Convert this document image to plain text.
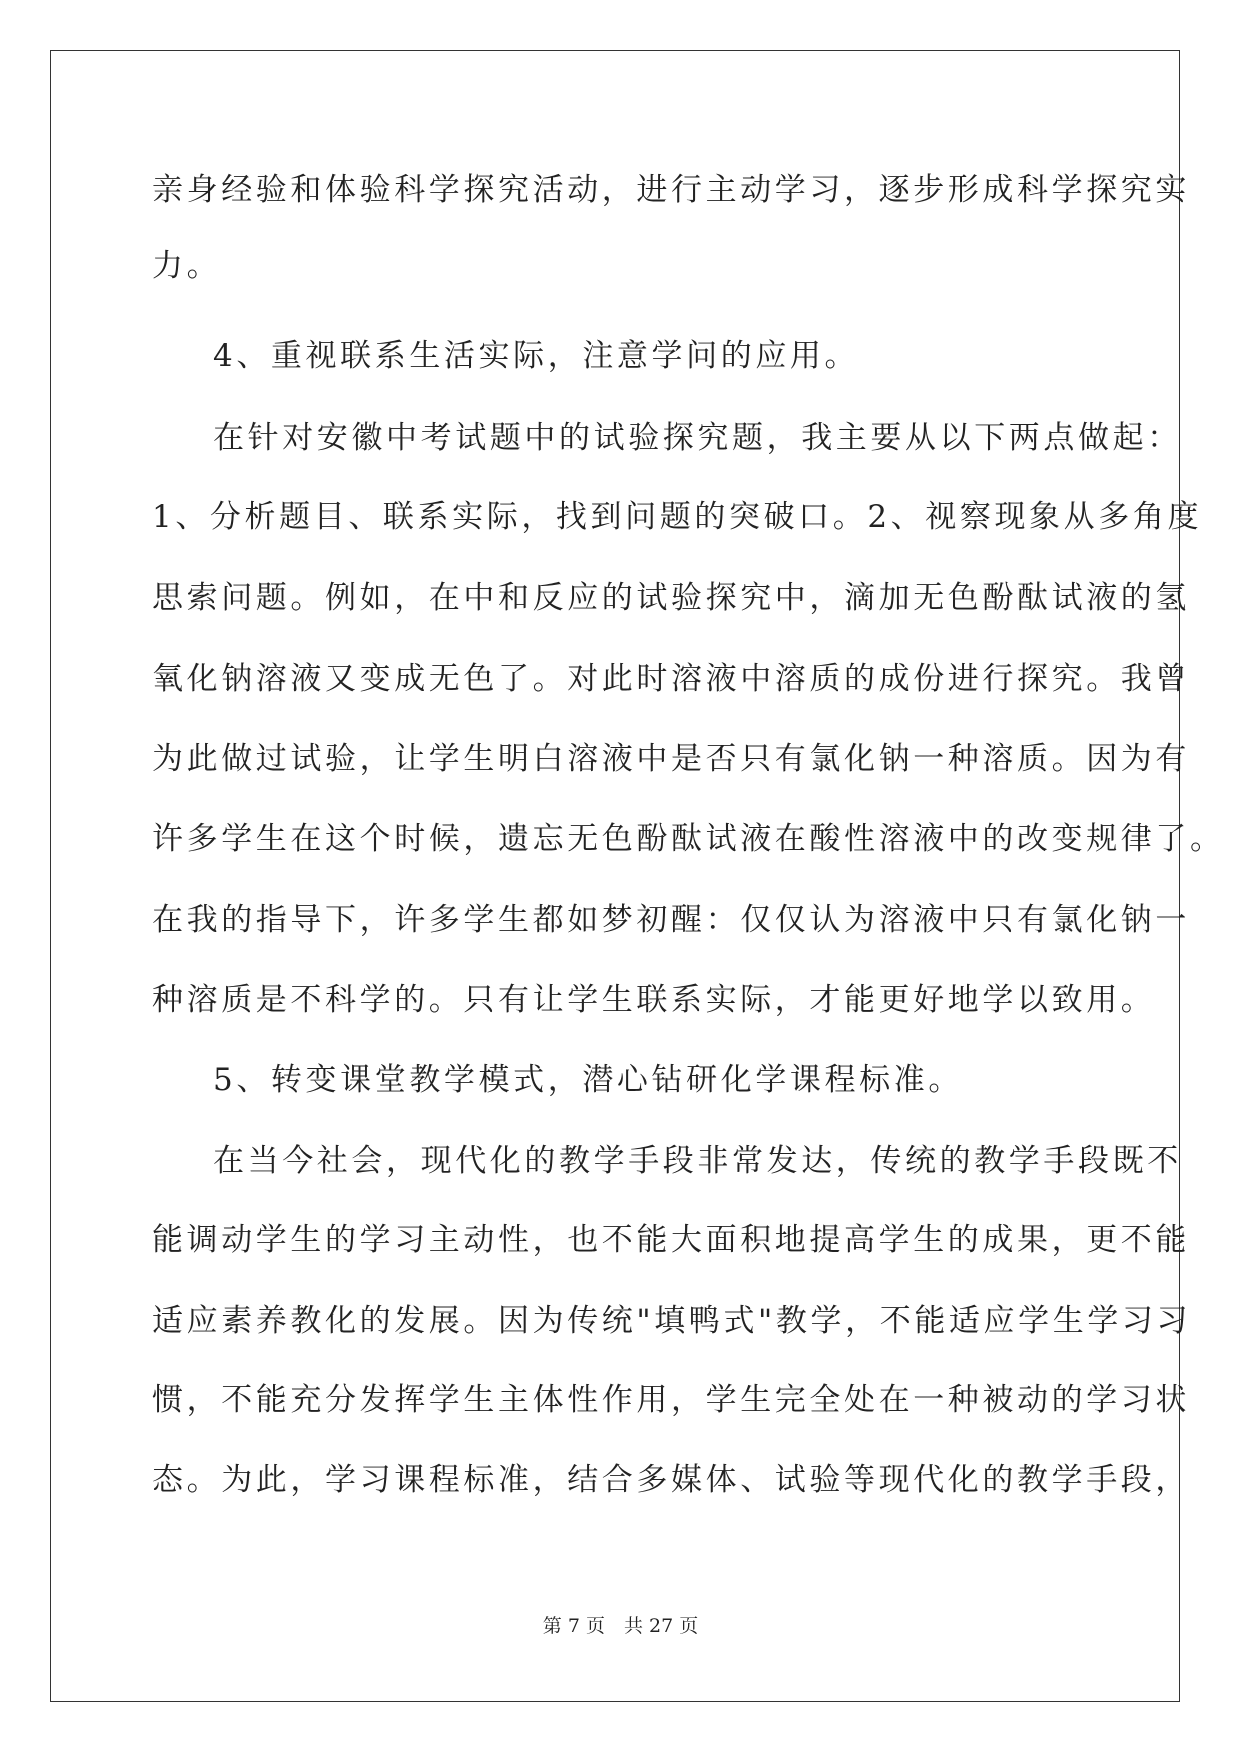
亲身经验和体验科学探究活动，进行主动学习，逐步形成科学探究实
力。
4、重视联系生活实际，注意学问的应用。
在针对安徽中考试题中的试验探究题，我主要从以下两点做起：
1、分析题目、联系实际，找到问题的突破口。2、视察现象从多角度
思索问题。例如，在中和反应的试验探究中，滴加无色酚酞试液的氢
氧化钠溶液又变成无色了。对此时溶液中溶质的成份进行探究。我曾
为此做过试验，让学生明白溶液中是否只有氯化钠一种溶质。因为有
许多学生在这个时候，遗忘无色酚酞试液在酸性溶液中的改变规律了。
在我的指导下，许多学生都如梦初醒：仅仅认为溶液中只有氯化钠一
种溶质是不科学的。只有让学生联系实际，才能更好地学以致用。
5、转变课堂教学模式，潜心钻研化学课程标准。
在当今社会，现代化的教学手段非常发达，传统的教学手段既不
能调动学生的学习主动性，也不能大面积地提高学生的成果，更不能
适应素养教化的发展。因为传统"填鸭式"教学，不能适应学生学习习
惯，不能充分发挥学生主体性作用，学生完全处在一种被动的学习状
态。为此，学习课程标准，结合多媒体、试验等现代化的教学手段，
第 7 页　共 27 页
